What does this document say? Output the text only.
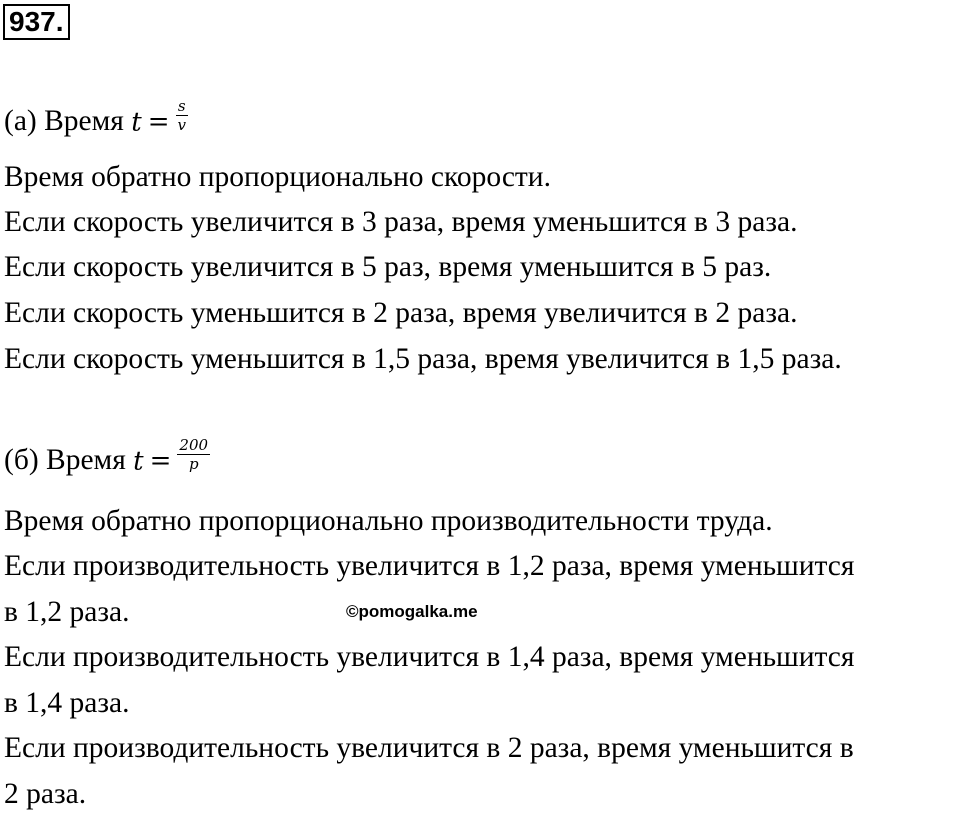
937.
(а) Время $t = \frac{s}{v}$
Время обратно пропорционально скорости.
Если скорость увеличится в 3 раза, время уменьшится в 3 раза.
Если скорость увеличится в 5 раз, время уменьшится в 5 раз.
Если скорость уменьшится в 2 раза, время увеличится в 2 раза.
Если скорость уменьшится в 1,5 раза, время увеличится в 1,5 раза.
(б) Время $t = \frac{200}{p}$
Время обратно пропорционально производительности труда.
Если производительность увеличится в 1,2 раза, время уменьшится
в 1,2 раза.
Если производительность увеличится в 1,4 раза, время уменьшится
в 1,4 раза.
Если производительность увеличится в 2 раза, время уменьшится в
2 раза.
©pomogalka.me
